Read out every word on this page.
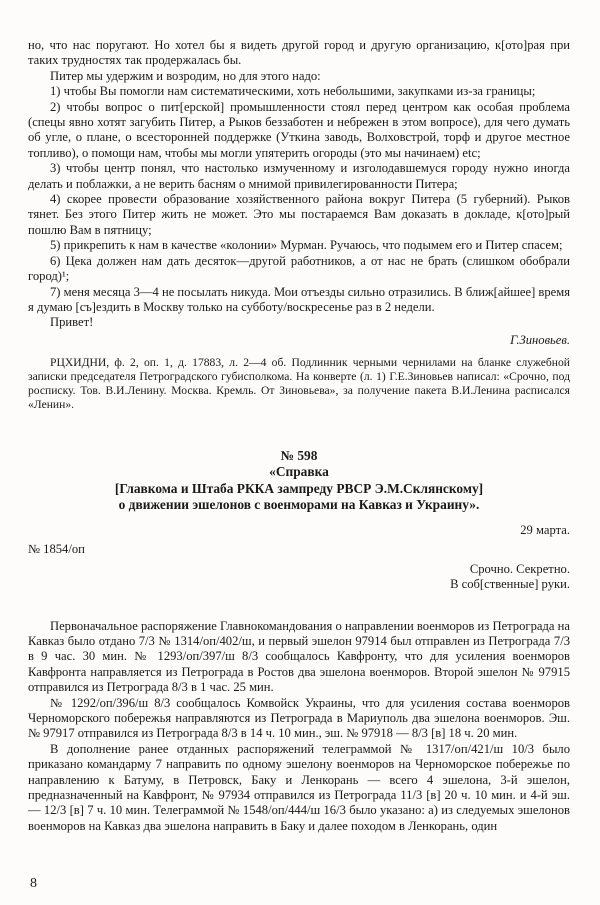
но, что нас поругают. Но хотел бы я видеть другой город и другую организацию, к[ото]рая при таких трудностях так продержалась бы.

Питер мы удержим и возродим, но для этого надо:

1) чтобы Вы помогли нам систематическими, хоть небольшими, закупками из-за границы;

2) чтобы вопрос о пит[ерской] промышленности стоял перед центром как особая проблема (спецы явно хотят загубить Питер, а Рыков беззаботен и небрежен в этом вопросе), для чего думать об угле, о плане, о всесторонней поддержке (Уткина заводь, Волховстрой, торф и другое местное топливо), о помощи нам, чтобы мы могли упятерить огороды (это мы начинаем) etc;

3) чтобы центр понял, что настолько измученному и изголодавшемуся городу нужно иногда делать и поблажки, а не верить басням о мнимой привилегированности Питера;

4) скорее провести образование хозяйственного района вокруг Питера (5 губерний). Рыков тянет. Без этого Питер жить не может. Это мы постараемся Вам доказать в докладе, к[ото]рый пошлю Вам в пятницу;

5) прикрепить к нам в качестве «колонии» Мурман. Ручаюсь, что подымем его и Питер спасем;

6) Цека должен нам дать десяток—другой работников, а от нас не брать (слишком обобрали город)¹;

7) меня месяца 3—4 не посылать никуда. Мои отъезды сильно отразились. В ближ[айшее] время я думаю [съ]ездить в Москву только на субботу/воскресенье раз в 2 недели.

Привет!

Г.Зиновьев.

РЦХИДНИ, ф. 2, оп. 1, д. 17883, л. 2—4 об. Подлинник черными чернилами на бланке служебной записки председателя Петроградского губисполкома. На конверте (л. 1) Г.Е.Зиновьев написал: «Срочно, под росписку. Тов. В.И.Ленину. Москва. Кремль. От Зиновьева», за получение пакета В.И.Ленина расписался «Ленин».

№ 598
«Справка
[Главкома и Штаба РККА зампреду РВСР Э.М.Склянскому]
о движении эшелонов с военморами на Кавказ и Украину».

29 марта.

№ 1854/оп

Срочно. Секретно.

В соб[ственные] руки.

Первоначальное распоряжение Главнокомандования о направлении военморов из Петрограда на Кавказ было отдано 7/3 № 1314/оп/402/ш, и первый эшелон 97914 был отправлен из Петрограда 7/3 в 9 час. 30 мин. № 1293/оп/397/ш 8/3 сообщалось Кавфронту, что для усиления военморов Кавфронта направляется из Петрограда в Ростов два эшелона военморов. Второй эшелон № 97915 отправился из Петрограда 8/3 в 1 час. 25 мин.

№ 1292/оп/396/ш 8/3 сообщалось Комвойск Украины, что для усиления состава военморов Черноморского побережья направляются из Петрограда в Мариуполь два эшелона военморов. Эш. № 97917 отправился из Петрограда 8/3 в 14 ч. 10 мин., эш. № 97918 — 8/3 [в] 18 ч. 20 мин.

В дополнение ранее отданных распоряжений телеграммой № 1317/оп/421/ш 10/3 было приказано командарму 7 направить по одному эшелону военморов на Черноморское побережье по направлению к Батуму, в Петровск, Баку и Ленкорань — всего 4 эшелона, 3-й эшелон, предназначенный на Кавфронт, № 97934 отправился из Петрограда 11/3 [в] 20 ч. 10 мин. и 4-й эш. — 12/3 [в] 7 ч. 10 мин. Телеграммой № 1548/оп/444/ш 16/3 было указано: а) из следуемых эшелонов военморов на Кавказ два эшелона направить в Баку и далее походом в Ленкорань, один

8
